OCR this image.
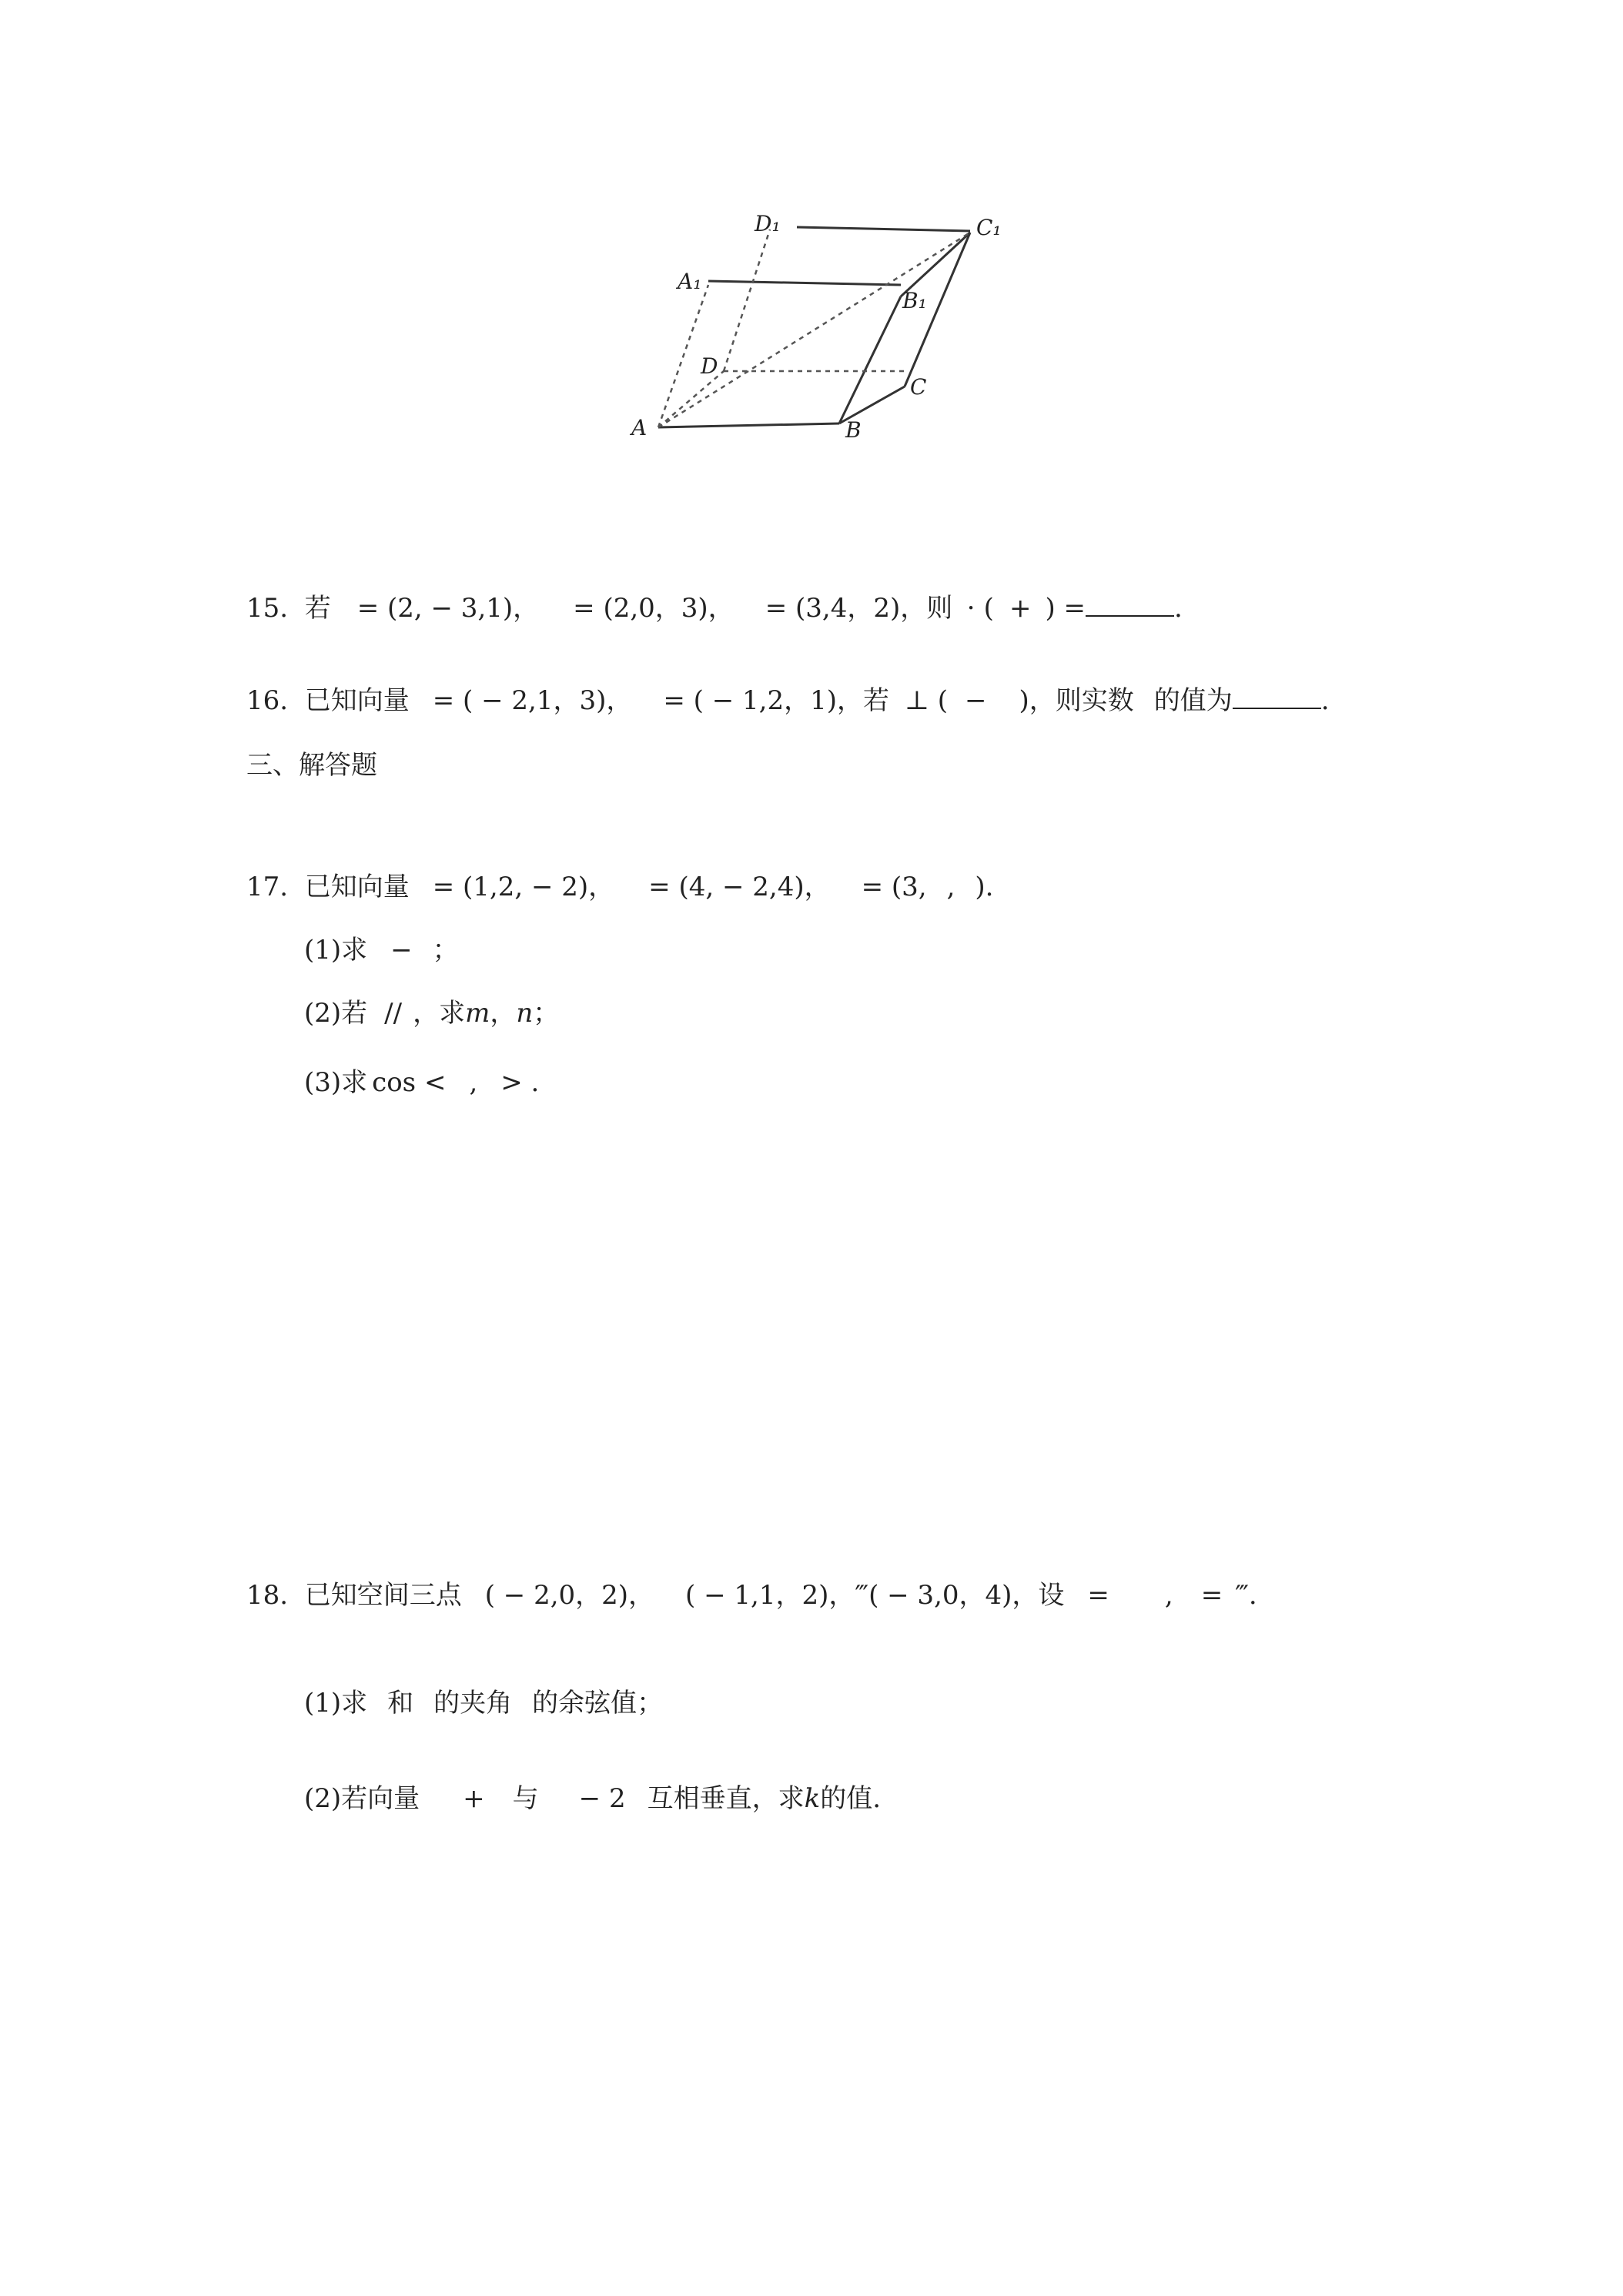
D₁	C₁
A₁
B₁
D
C
A	B

15. 若 = (2, − 3,1)， = (2,0，3)， = (3,4，2)，则 ⋅ ( + ) =	.

16. 已知向量 = ( − 2,1，3)， = ( − 1,2，1)，若 ⊥ ( − )，则实数 的值为	.

三、解答题

17. 已知向量 = (1,2, − 2)， = (4, − 2,4)， = (3, , ).

(1)求 − ；

(2)若 // ，求m，n；

(3)求 cos < , > .

18. 已知空间三点 ( − 2,0，2)， ( − 1,1，2)，‴( − 3,0，4)，设 = , = ‴.

(1)求 和 的夹角 的余弦值；

(2)若向量 + 与 − 2 互相垂直，求k的值.
